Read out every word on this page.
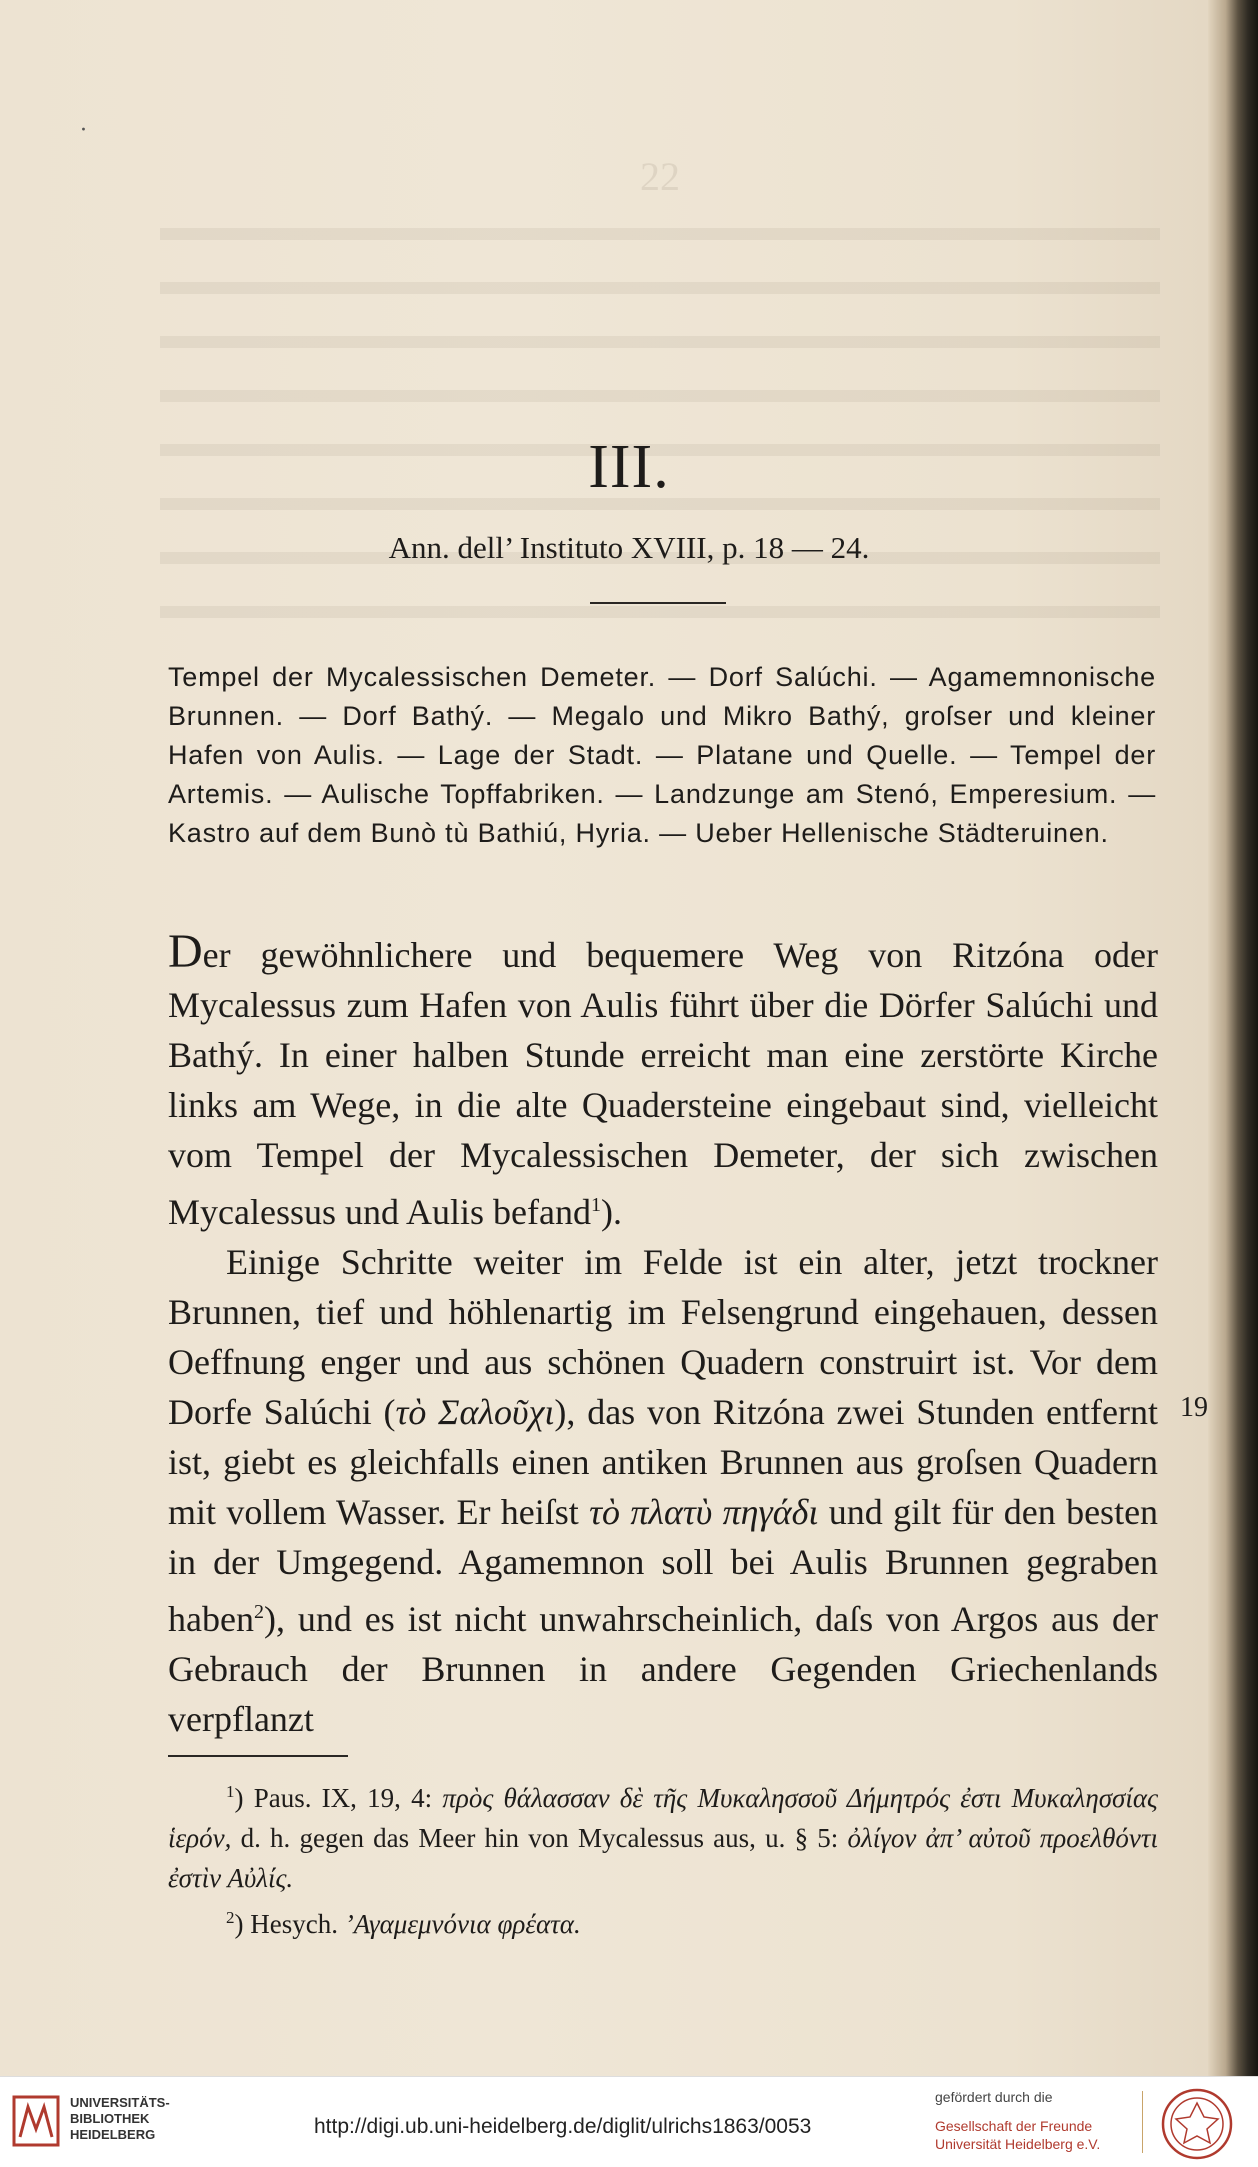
22
·
III.
Ann. dell’ Instituto XVIII, p. 18 — 24.
Tempel der Mycalessischen Demeter. — Dorf Salúchi. — Agamemnonische Brunnen. — Dorf Bathý. — Megalo und Mikro Bathý, groſser und kleiner Hafen von Aulis. — Lage der Stadt. — Platane und Quelle. — Tempel der Artemis. — Aulische Topffabriken. — Landzunge am Stenó, Emperesium. — Kastro auf dem Bunò tù Bathiú, Hyria. — Ueber Hellenische Städteruinen.

Der gewöhnlichere und bequemere Weg von Ritzóna oder Mycalessus zum Hafen von Aulis führt über die Dörfer Salúchi und Bathý. In einer halben Stunde erreicht man eine zerstörte Kirche links am Wege, in die alte Quadersteine eingebaut sind, vielleicht vom Tempel der Mycalessischen Demeter, der sich zwischen Mycalessus und Aulis befand$^1$).

Einige Schritte weiter im Felde ist ein alter, jetzt trockner Brunnen, tief und höhlenartig im Felsengrund eingehauen, dessen Oeffnung enger und aus schönen Quadern construirt ist. Vor dem Dorfe Salúchi (τὸ Σαλοῦχι), das von Ritzóna zwei Stunden entfernt ist, giebt es gleichfalls einen antiken Brunnen aus groſsen Quadern mit vollem Wasser. Er heiſst τὸ πλατὺ πηγάδι und gilt für den besten in der Umgegend. Agamemnon soll bei Aulis Brunnen gegraben haben$^2$), und es ist nicht unwahrscheinlich, daſs von Argos aus der Gebrauch der Brunnen in andere Gegenden Griechenlands verpflanzt

19

$^1$) Paus. IX, 19, 4: πρὸς θάλασσαν δὲ τῆς Μυκαλησσοῦ Δήμητρός ἐστι Μυκαλησσίας ἱερόν, d. h. gegen das Meer hin von Mycalessus aus, u. § 5: ὀλίγον ἀπ’ αὐτοῦ προελθόντι ἐστὶν Αὐλίς.

$^2$) Hesych. ’Αγαμεμνόνια φρέατα.

UNIVERSITÄTS-
BIBLIOTHEK
HEIDELBERG	http://digi.ub.uni-heidelberg.de/diglit/ulrichs1863/0053
gefördert durch die
Gesellschaft der Freunde
Universität Heidelberg e.V.
